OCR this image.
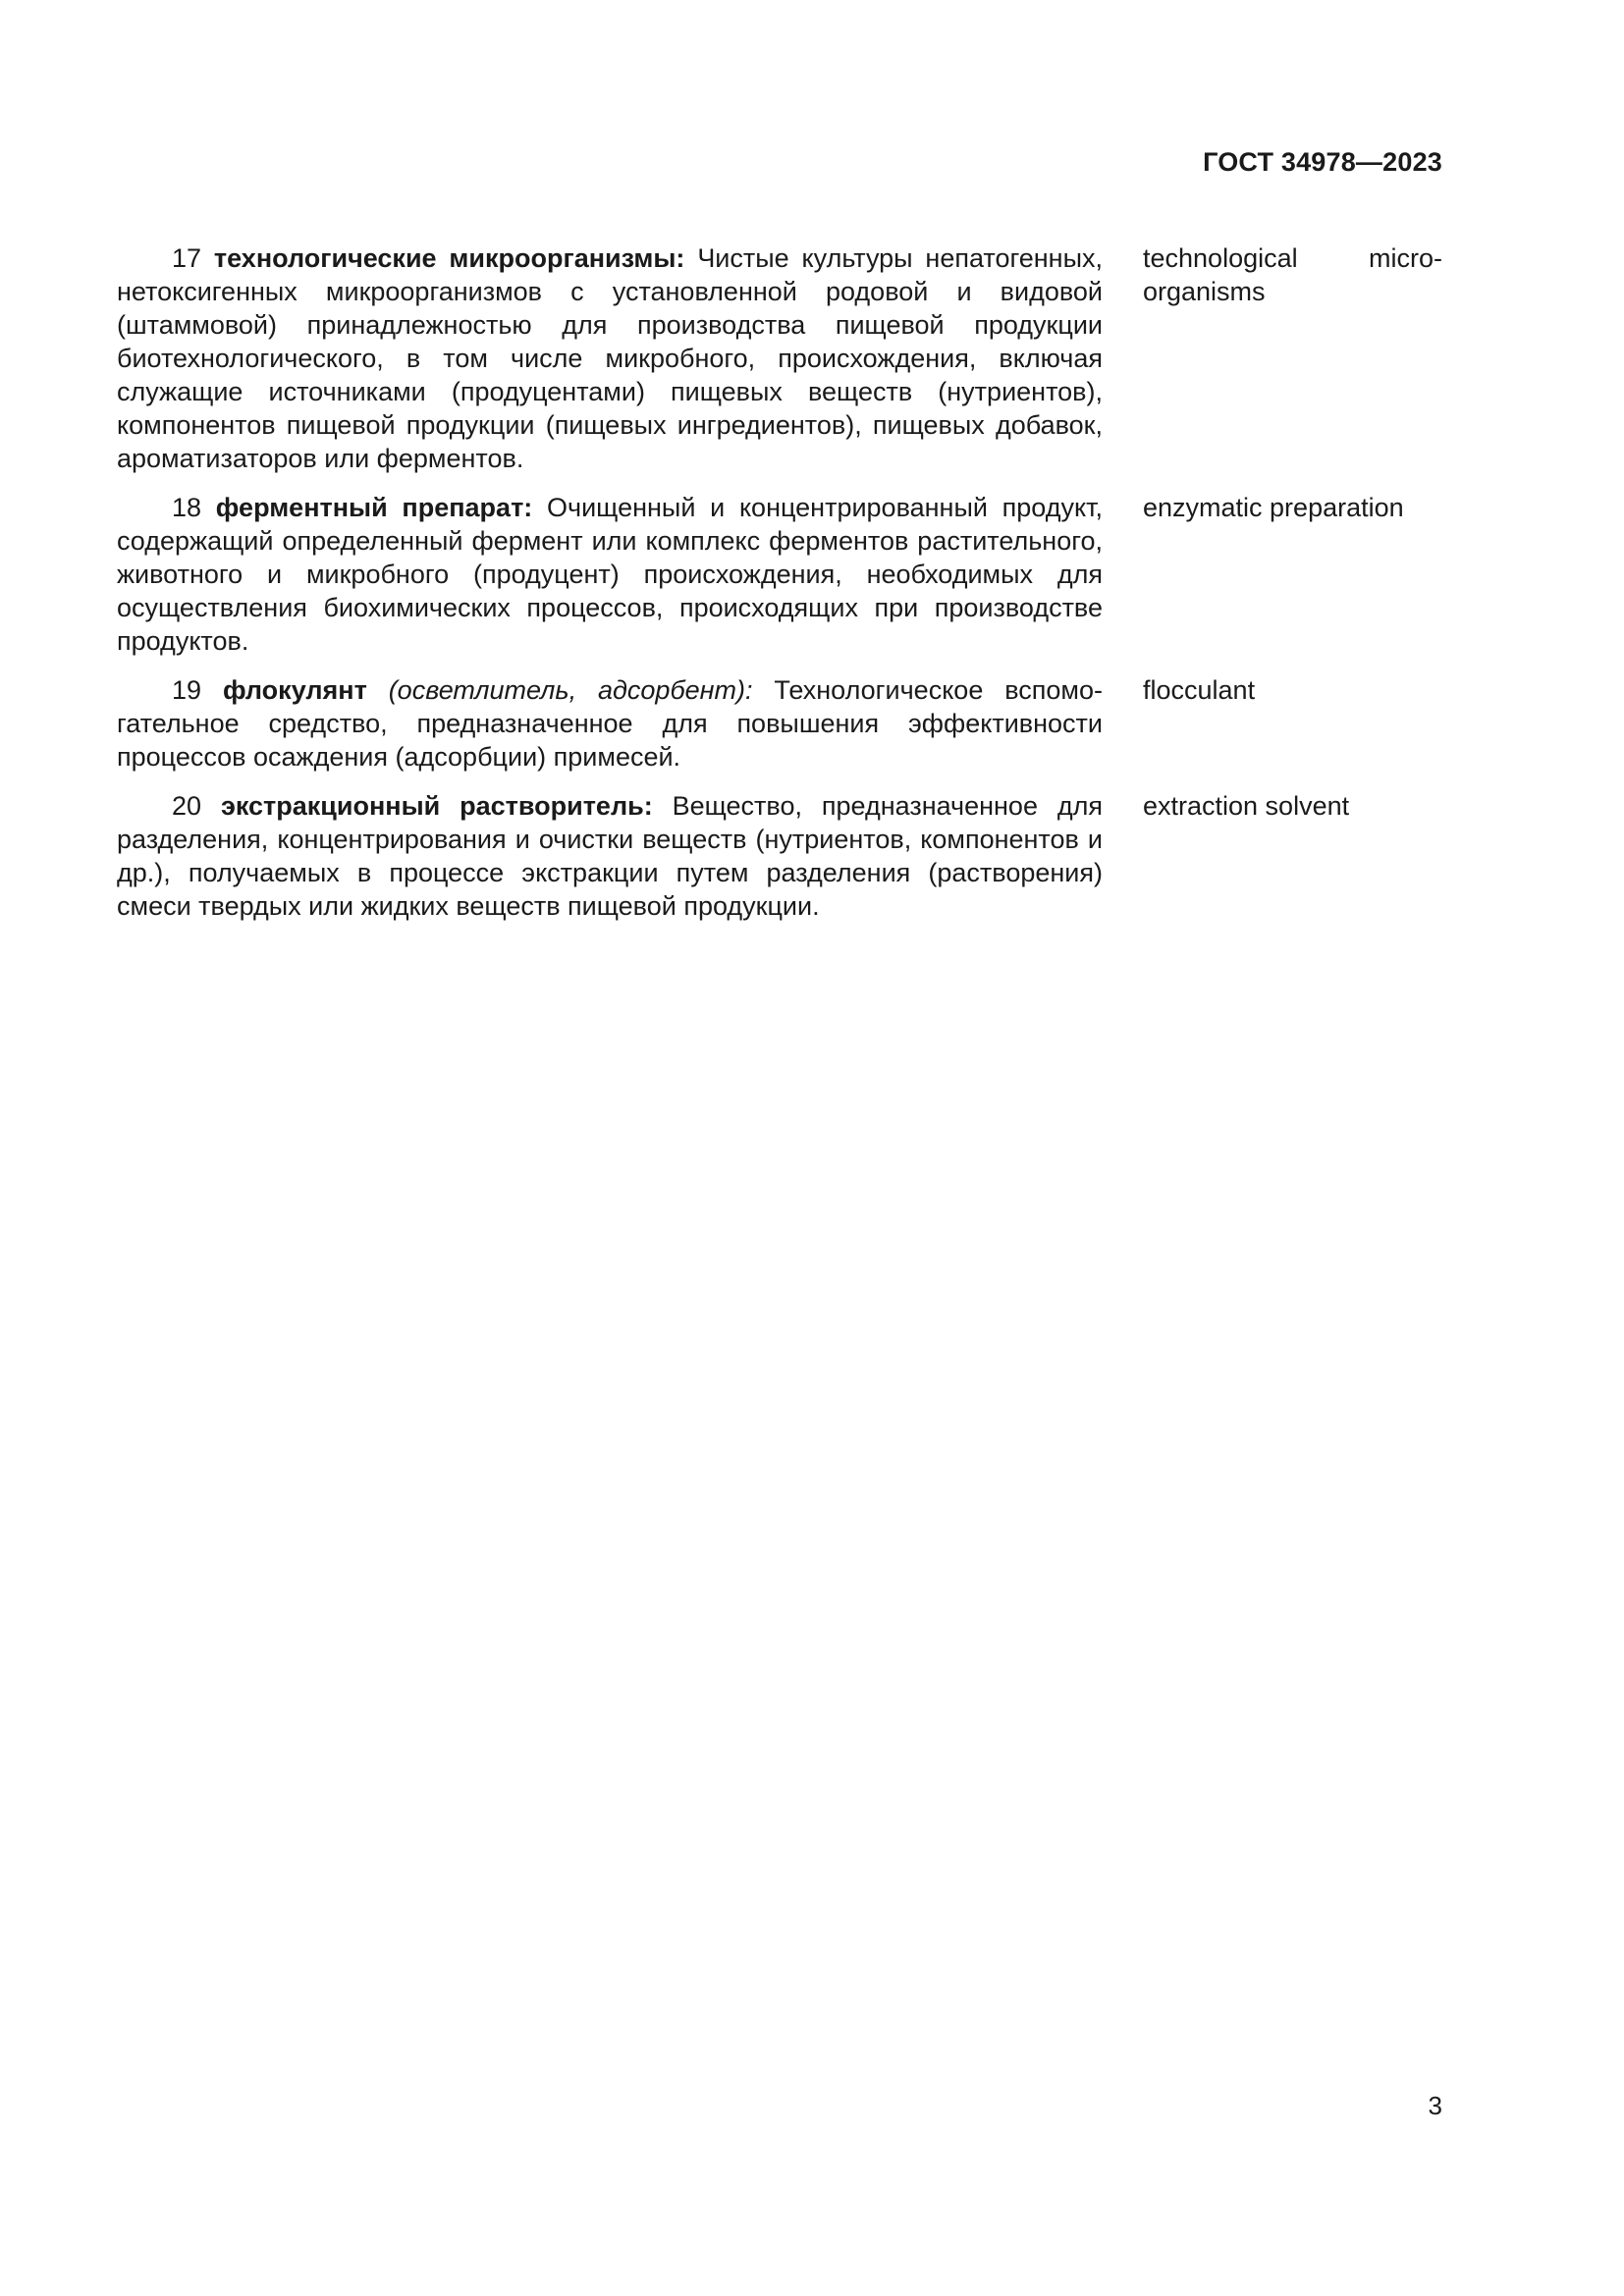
ГОСТ 34978—2023

17 технологические микроорганизмы: Чистые культуры непатогенных, нетоксигенных микроорганизмов с установленной родовой и видовой (штаммовой) принадлежностью для производства пищевой продукции биотехнологического, в том числе микробного, происхождения, включая служащие источниками (продуцентами) пищевых веществ (нутриентов), компонентов пищевой продукции (пищевых ингредиентов), пищевых добавок, ароматизаторов или ферментов.

technological microorganisms

18 ферментный препарат: Очищенный и концентрированный продукт, содержащий определенный фермент или комплекс ферментов растительного, животного и микробного (продуцент) происхождения, необходимых для осуществления биохимических процессов, происходящих при производстве продуктов.

enzymatic preparation

19 флокулянт (осветлитель, адсорбент): Технологическое вспомогательное средство, предназначенное для повышения эффективности процессов осаждения (адсорбции) примесей.

flocculant

20 экстракционный растворитель: Вещество, предназначенное для разделения, концентрирования и очистки веществ (нутриентов, компонентов и др.), получаемых в процессе экстракции путем разделения (растворения) смеси твердых или жидких веществ пищевой продукции.

extraction solvent

3
